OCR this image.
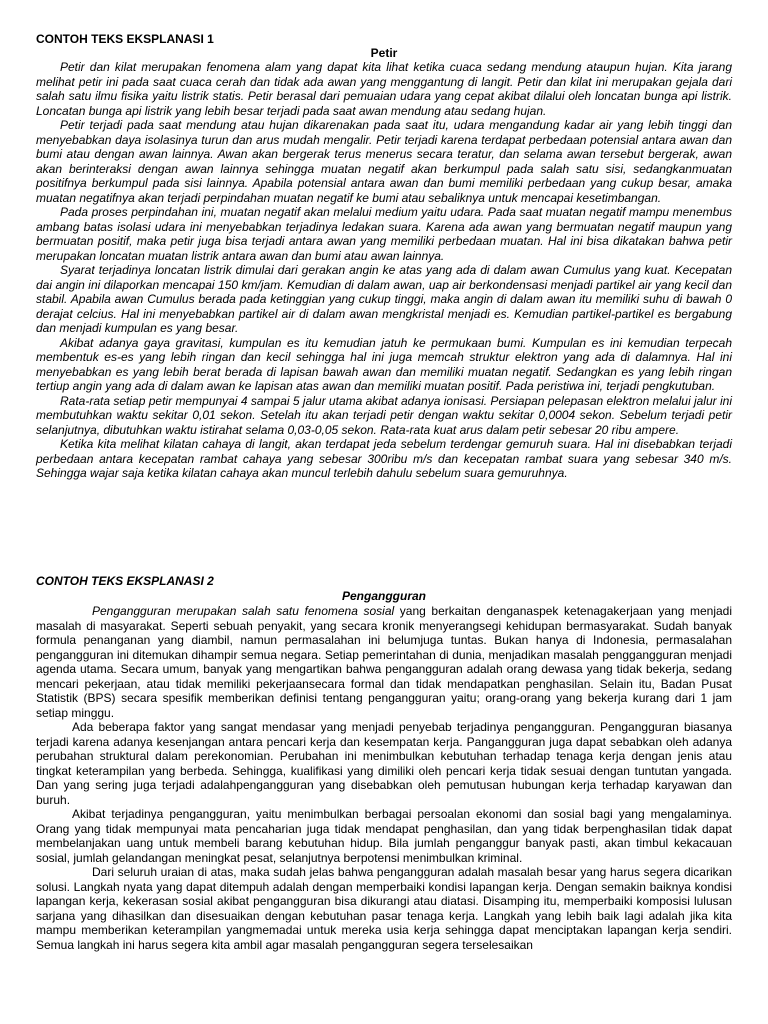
CONTOH TEKS EKSPLANASI 1
Petir

Petir dan kilat merupakan fenomena alam yang dapat kita lihat ketika cuaca sedang mendung ataupun hujan. Kita jarang melihat petir ini pada saat cuaca cerah dan tidak ada awan yang menggantung di langit. Petir dan kilat ini merupakan gejala dari salah satu ilmu fisika yaitu listrik statis. Petir berasal dari pemuaian udara yang cepat akibat dilalui oleh loncatan bunga api listrik. Loncatan bunga api listrik yang lebih besar terjadi pada saat awan mendung atau sedang hujan.

Petir terjadi pada saat mendung atau hujan dikarenakan pada saat itu, udara mengandung kadar air yang lebih tinggi dan menyebabkan daya isolasinya turun dan arus mudah mengalir. Petir terjadi karena terdapat perbedaan potensial antara awan dan bumi atau dengan awan lainnya. Awan akan bergerak terus menerus secara teratur, dan selama awan tersebut bergerak, awan akan berinteraksi dengan awan lainnya sehingga muatan negatif akan berkumpul pada salah satu sisi, sedangkanmuatan positifnya berkumpul pada sisi lainnya. Apabila potensial antara awan dan bumi memiliki perbedaan yang cukup besar, amaka muatan negatifnya akan terjadi perpindahan muatan negatif ke bumi atau sebaliknya untuk mencapai kesetimbangan.

Pada proses perpindahan ini, muatan negatif akan melalui medium yaitu udara. Pada saat muatan negatif mampu menembus ambang batas isolasi udara ini menyebabkan terjadinya ledakan suara. Karena ada awan yang bermuatan negatif maupun yang bermuatan positif, maka petir juga bisa terjadi antara awan yang memiliki perbedaan muatan. Hal ini bisa dikatakan bahwa petir merupakan loncatan muatan listrik antara awan dan bumi atau awan lainnya.

Syarat terjadinya loncatan listrik dimulai dari gerakan angin ke atas yang ada di dalam awan Cumulus yang kuat. Kecepatan dai angin ini dilaporkan mencapai 150 km/jam. Kemudian di dalam awan, uap air berkondensasi menjadi partikel air yang kecil dan stabil. Apabila awan Cumulus berada pada ketinggian yang cukup tinggi, maka angin di dalam awan itu memiliki suhu di bawah 0 derajat celcius. Hal ini menyebabkan partikel air di dalam awan mengkristal menjadi es. Kemudian partikel-partikel es bergabung dan menjadi kumpulan es yang besar.

Akibat adanya gaya gravitasi, kumpulan es itu kemudian jatuh ke permukaan bumi. Kumpulan es ini kemudian terpecah membentuk es-es yang lebih ringan dan kecil sehingga hal ini juga memcah struktur elektron yang ada di dalamnya. Hal ini menyebabkan es yang lebih berat berada di lapisan bawah awan dan memiliki muatan negatif. Sedangkan es yang lebih ringan tertiup angin yang ada di dalam awan ke lapisan atas awan dan memiliki muatan positif. Pada peristiwa ini, terjadi pengkutuban.

Rata-rata setiap petir mempunyai 4 sampai 5 jalur utama akibat adanya ionisasi. Persiapan pelepasan elektron melalui jalur ini membutuhkan waktu sekitar 0,01 sekon. Setelah itu akan terjadi petir dengan waktu sekitar 0,0004 sekon. Sebelum terjadi petir selanjutnya, dibutuhkan waktu istirahat selama 0,03-0,05 sekon. Rata-rata kuat arus dalam petir sebesar 20 ribu ampere.

Ketika kita melihat kilatan cahaya di langit, akan terdapat jeda sebelum terdengar gemuruh suara. Hal ini disebabkan terjadi perbedaan antara kecepatan rambat cahaya yang sebesar 300ribu m/s dan kecepatan rambat suara yang sebesar 340 m/s. Sehingga wajar saja ketika kilatan cahaya akan muncul terlebih dahulu sebelum suara gemuruhnya.

CONTOH TEKS EKSPLANASI 2
Pengangguran

Pengangguran merupakan salah satu fenomena sosial yang berkaitan denganaspek ketenagakerjaan yang menjadi masalah di masyarakat. Seperti sebuah penyakit, yang secara kronik menyerangsegi kehidupan bermasyarakat. Sudah banyak formula penanganan yang diambil, namun permasalahan ini belumjuga tuntas. Bukan hanya di Indonesia, permasalahan pengangguran ini ditemukan dihampir semua negara. Setiap pemerintahan di dunia, menjadikan masalah penggangguran menjadi agenda utama. Secara umum, banyak yang mengartikan bahwa pengangguran adalah orang dewasa yang tidak bekerja, sedang mencari pekerjaan, atau tidak memiliki pekerjaansecara formal dan tidak mendapatkan penghasilan. Selain itu, Badan Pusat Statistik (BPS) secara spesifik memberikan definisi tentang pengangguran yaitu; orang-orang yang bekerja kurang dari 1 jam setiap minggu.

Ada beberapa faktor yang sangat mendasar yang menjadi penyebab terjadinya pengangguran. Pengangguran biasanya terjadi karena adanya kesenjangan antara pencari kerja dan kesempatan kerja. Pangangguran juga dapat sebabkan oleh adanya perubahan struktural dalam perekonomian. Perubahan ini menimbulkan kebutuhan terhadap tenaga kerja dengan jenis atau tingkat keterampilan yang berbeda. Sehingga, kualifikasi yang dimiliki oleh pencari kerja tidak sesuai dengan tuntutan yangada. Dan yang sering juga terjadi adalahpengangguran yang disebabkan oleh pemutusan hubungan kerja terhadap karyawan dan buruh.

Akibat terjadinya pengangguran, yaitu menimbulkan berbagai persoalan ekonomi dan sosial bagi yang mengalaminya. Orang yang tidak mempunyai mata pencaharian juga tidak mendapat penghasilan, dan yang tidak berpenghasilan tidak dapat membelanjakan uang untuk membeli barang kebutuhan hidup. Bila jumlah penganggur banyak pasti, akan timbul kekacauan sosial, jumlah gelandangan meningkat pesat, selanjutnya berpotensi menimbulkan kriminal.

Dari seluruh uraian di atas, maka sudah jelas bahwa pengangguran adalah masalah besar yang harus segera dicarikan solusi. Langkah nyata yang dapat ditempuh adalah dengan memperbaiki kondisi lapangan kerja. Dengan semakin baiknya kondisi lapangan kerja, kekerasan sosial akibat pengangguran bisa dikurangi atau diatasi. Disamping itu, memperbaiki komposisi lulusan sarjana yang dihasilkan dan disesuaikan dengan kebutuhan pasar tenaga kerja. Langkah yang lebih baik lagi adalah jika kita mampu memberikan keterampilan yangmemadai untuk mereka usia kerja sehingga dapat menciptakan lapangan kerja sendiri. Semua langkah ini harus segera kita ambil agar masalah pengangguran segera terselesaikan
